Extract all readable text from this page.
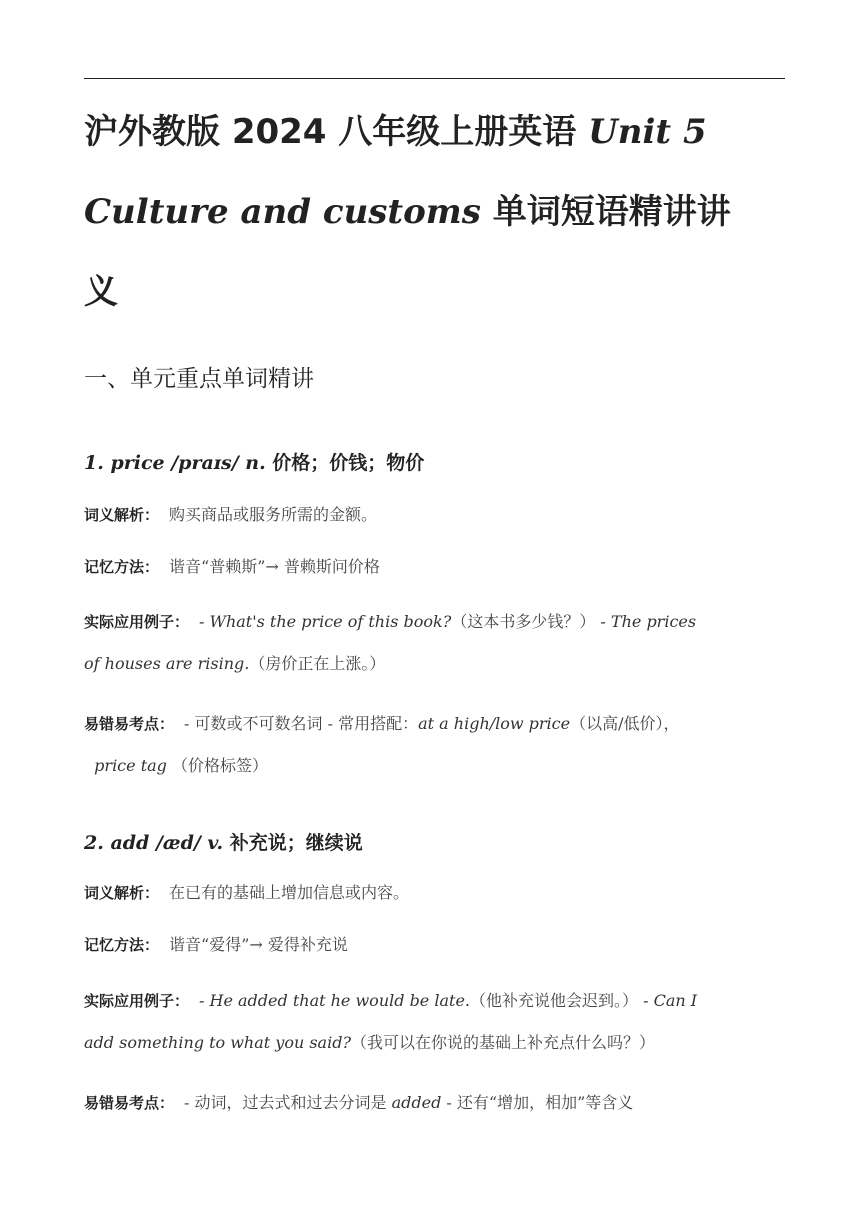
沪外教版 2024 八年级上册英语 Unit 5
Culture and customs 单词短语精讲讲
义
一、单元重点单词精讲
1. price /praɪs/ n. 价格；价钱；物价
词义解析： 购买商品或服务所需的金额。
记忆方法： 谐音“普赖斯”→ 普赖斯问价格
实际应用例子： - What's the price of this book?（这本书多少钱？） - The prices
of houses are rising.（房价正在上涨。）
易错易考点： - 可数或不可数名词 - 常用搭配：at a high/low price（以高/低价），
price tag （价格标签）
2. add /æd/ v. 补充说；继续说
词义解析： 在已有的基础上增加信息或内容。
记忆方法： 谐音“爱得”→ 爱得补充说
实际应用例子： - He added that he would be late.（他补充说他会迟到。） - Can I
add something to what you said?（我可以在你说的基础上补充点什么吗？）
易错易考点： - 动词，过去式和过去分词是 added - 还有“增加，相加”等含义
